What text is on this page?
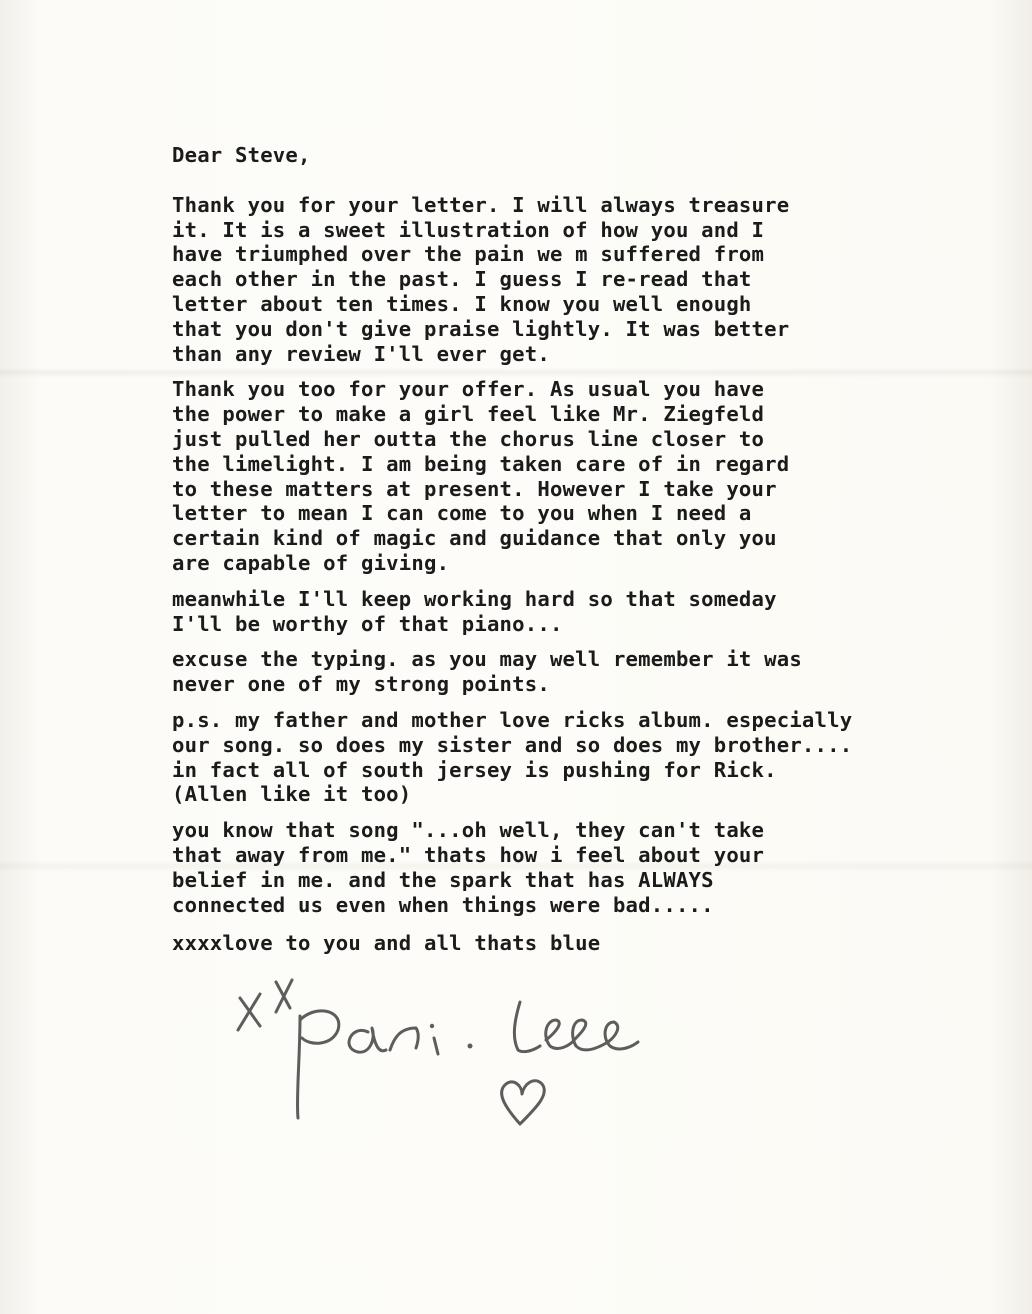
Dear Steve,
Thank you for your letter. I will always treasure
it. It is a sweet illustration of how you and I
have triumphed over the pain we m suffered from
each other in the past. I guess I re-read that
letter about ten times. I know you well enough
that you don't give praise lightly. It was better
than any review I'll ever get.
Thank you too for your offer. As usual you have
the power to make a girl feel like Mr. Ziegfeld
just pulled her outta the chorus line closer to
the limelight. I am being taken care of in regard
to these matters at present. However I take your
letter to mean I can come to you when I need a
certain kind of magic and guidance that only you
are capable of giving.
meanwhile I'll keep working hard so that someday
I'll be worthy of that piano...
excuse the typing. as you may well remember it was
never one of my strong points.
p.s. my father and mother love ricks album. especially
our song. so does my sister and so does my brother....
in fact all of south jersey is pushing for Rick.
(Allen like it too)
you know that song "...oh well, they can't take
that away from me." thats how i feel about your
belief in me. and the spark that has ALWAYS
connected us even when things were bad.....
xxxxlove to you and all thats blue
